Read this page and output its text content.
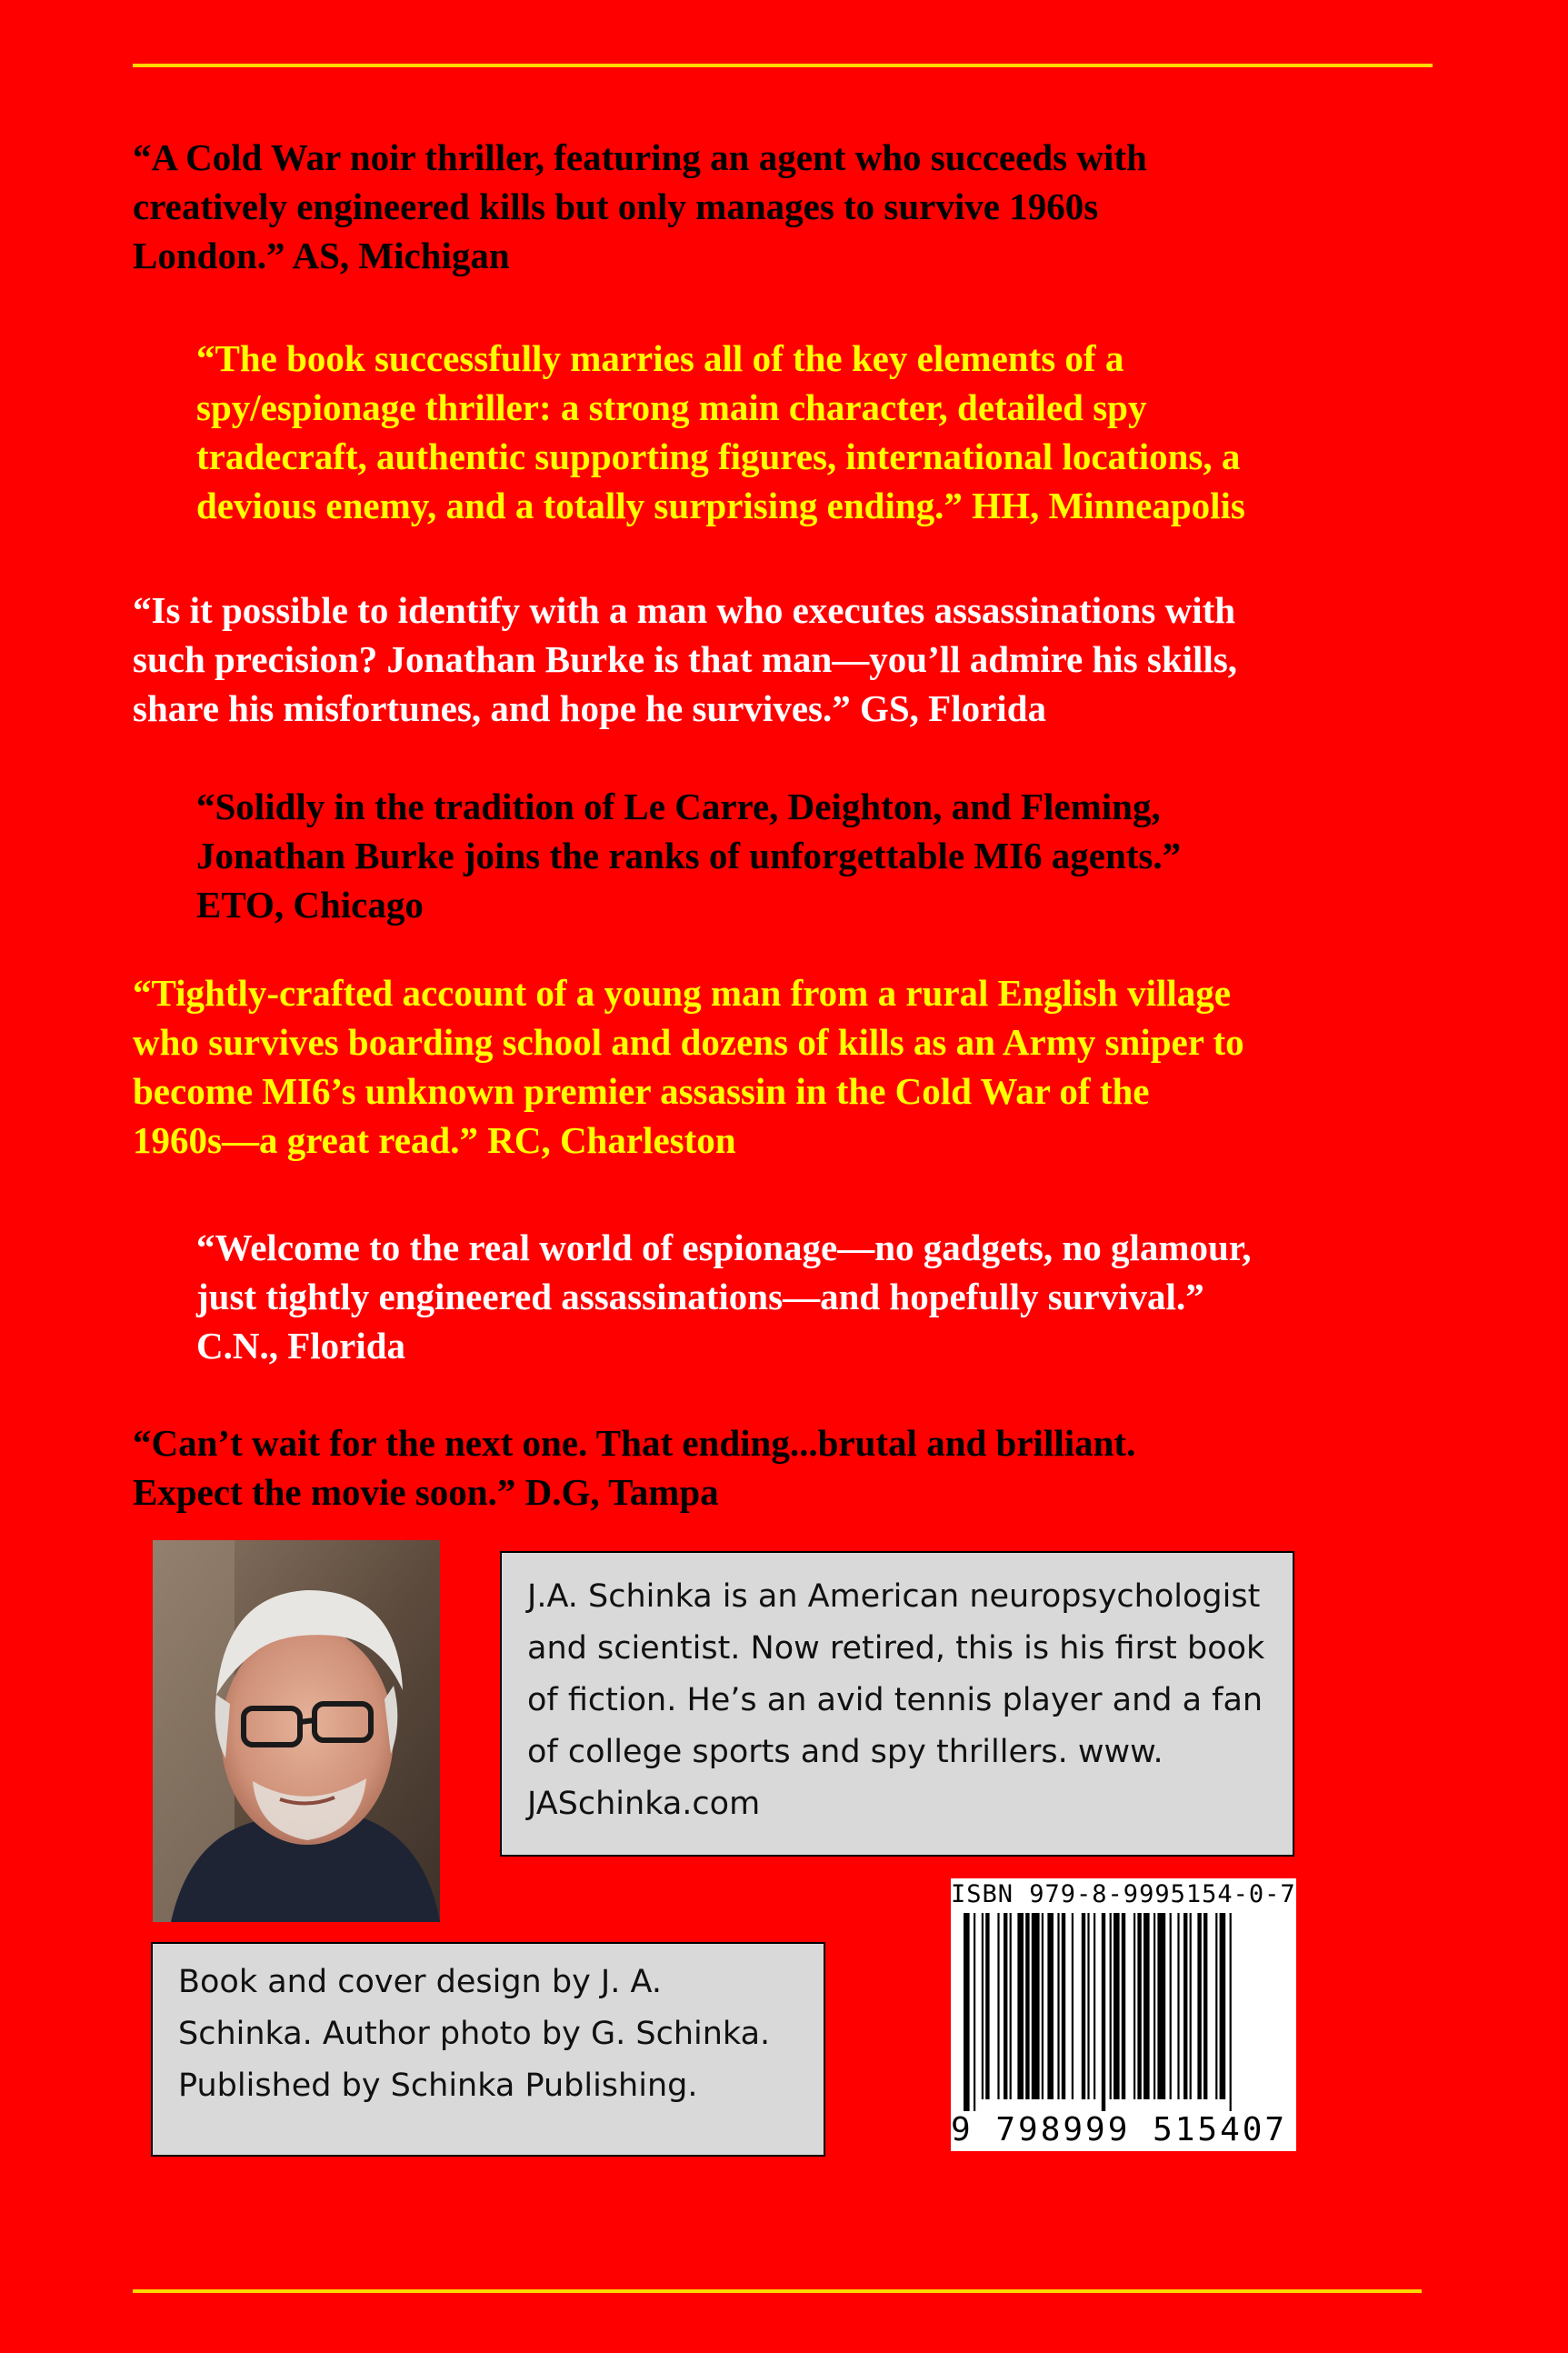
“A Cold War noir thriller, featuring an agent who succeeds with
creatively engineered kills but only manages to survive 1960s
London.” AS, Michigan

“The book successfully marries all of the key elements of a
spy/espionage thriller: a strong main character, detailed spy
tradecraft, authentic supporting figures, international locations, a
devious enemy, and a totally surprising ending.” HH, Minneapolis

“Is it possible to identify with a man who executes assassinations with
such precision? Jonathan Burke is that man—you’ll admire his skills,
share his misfortunes, and hope he survives.” GS, Florida

“Solidly in the tradition of Le Carre, Deighton, and Fleming,
Jonathan Burke joins the ranks of unforgettable MI6 agents.”
ETO, Chicago

“Tightly-crafted account of a young man from a rural English village
who survives boarding school and dozens of kills as an Army sniper to
become MI6’s unknown premier assassin in the Cold War of the
1960s—a great read.” RC, Charleston

“Welcome to the real world of espionage—no gadgets, no glamour,
just tightly engineered assassinations—and hopefully survival.”
C.N., Florida

“Can’t wait for the next one. That ending...brutal and brilliant.
Expect the movie soon.” D.G, Tampa

J.A. Schinka is an American neuropsychologist and scientist. Now retired, this is his first book of fiction. He’s an avid tennis player and a fan of college sports and spy thrillers. www. JASchinka.com
Book and cover design by J. A. Schinka. Author photo by G. Schinka. Published by Schinka Publishing.
ISBN 979-8-9995154-0-7
9 798999 515407
